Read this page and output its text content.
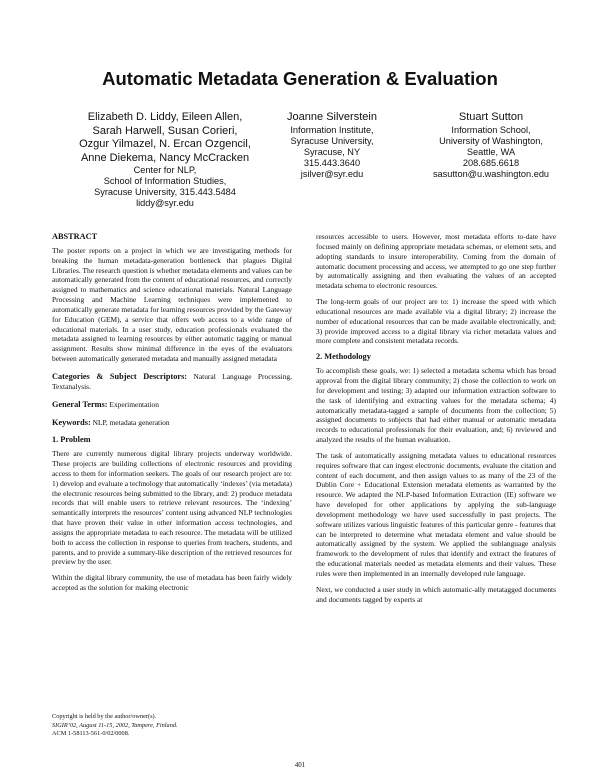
Automatic Metadata Generation & Evaluation
Elizabeth D. Liddy, Eileen Allen,
Sarah Harwell, Susan Corieri,
Ozgur Yilmazel, N. Ercan Ozgencil,
Anne Diekema, Nancy McCracken
Center for NLP,
School of Information Studies,
Syracuse University, 315.443.5484
liddy@syr.edu
Joanne Silverstein
Information Institute,
Syracuse University,
Syracuse, NY
315.443.3640
jsilver@syr.edu
Stuart Sutton
Information School,
University of Washington,
Seattle, WA
208.685.6618
sasutton@u.washington.edu
ABSTRACT

The poster reports on a project in which we are investigating methods for breaking the human metadata-generation bottleneck that plagues Digital Libraries. The research question is whether metadata elements and values can be automatically generated from the content of educational resources, and correctly assigned to mathematics and science educational materials. Natural Language Processing and Machine Learning techniques were implemented to automatically generate metadata for learning resources provided by the Gateway for Education (GEM), a service that offers web access to a wide range of educational materials. In a user study, education professionals evaluated the metadata assigned to learning resources by either automatic tagging or manual assignment. Results show minimal difference in the eyes of the evaluators between automatically generated metadata and manually assigned metadata

Categories & Subject Descriptors: Natural Language Processing, Textanalysis.

General Terms: Experimentation

Keywords: NLP, metadata generation

1. Problem

There are currently numerous digital library projects underway worldwide. These projects are building collections of electronic resources and providing access to them for information seekers. The goals of our research project are to: 1) develop and evaluate a technology that automatically ‘indexes’ (via metadata) the electronic resources being submitted to the library, and: 2) produce metadata records that will enable users to retrieve relevant resources. The ‘indexing’ semantically interprets the resources’ content using advanced NLP technologies that have proven their value in other information access technologies, and assigns the appropriate metadata to each resource. The metadata will be utilized both to access the collection in response to queries from teachers, students, and parents, and to provide a summary-like description of the retrieved resources for preview by the user.

Within the digital library community, the use of metadata has been fairly widely accepted as the solution for making electronic

Copyright is held by the author/owner(s).
SIGIR’02, August 11-15, 2002, Tampere, Finland.
ACM 1-58113-561-0/02/0008.

resources accessible to users. However, most metadata efforts to-date have focused mainly on defining appropriate metadata schemas, or element sets, and adopting standards to insure interoperability. Coming from the domain of automatic document processing and access, we attempted to go one step further by automatically assigning and then evaluating the values of an accepted metadata schema to electronic resources.

The long-term goals of our project are to: 1) increase the speed with which educational resources are made available via a digital library; 2) increase the number of educational resources that can be made available electronically, and; 3) provide improved access to a digital library via richer metadata values and more complete and consistent metadata records.

2. Methodology

To accomplish these goals, we: 1) selected a metadata schema which has broad approval from the digital library community; 2) chose the collection to work on for development and testing; 3) adapted our information extraction software to the task of identifying and extracting values for the metadata schema; 4) automatically metadata-tagged a sample of documents from the collection; 5) assigned documents to subjects that had either manual or automatic metadata records to educational professionals for their evaluation, and; 6) reviewed and analyzed the results of the human evaluation.

The task of automatically assigning metadata values to educational resources requires software that can ingest electronic documents, evaluate the citation and content of each document, and then assign values to as many of the 23 of the Dublin Core + Educational Extension metadata elements as warranted by the resource. We adapted the NLP-based Information Extraction (IE) software we have developed for other applications by applying the sub-language development methodology we have used successfully in past projects. The software utilizes various linguistic features of this particular genre - features that can be interpreted to determine what metadata element and value should be automatically assigned by the system. We applied the sublanguage analysis framework to the development of rules that identify and extract the features of the educational materials needed as metadata elements and their values. These rules were then implemented in an internally developed rule language.

Next, we conducted a user study in which automatic-ally metatagged documents and documents tagged by experts at

401
